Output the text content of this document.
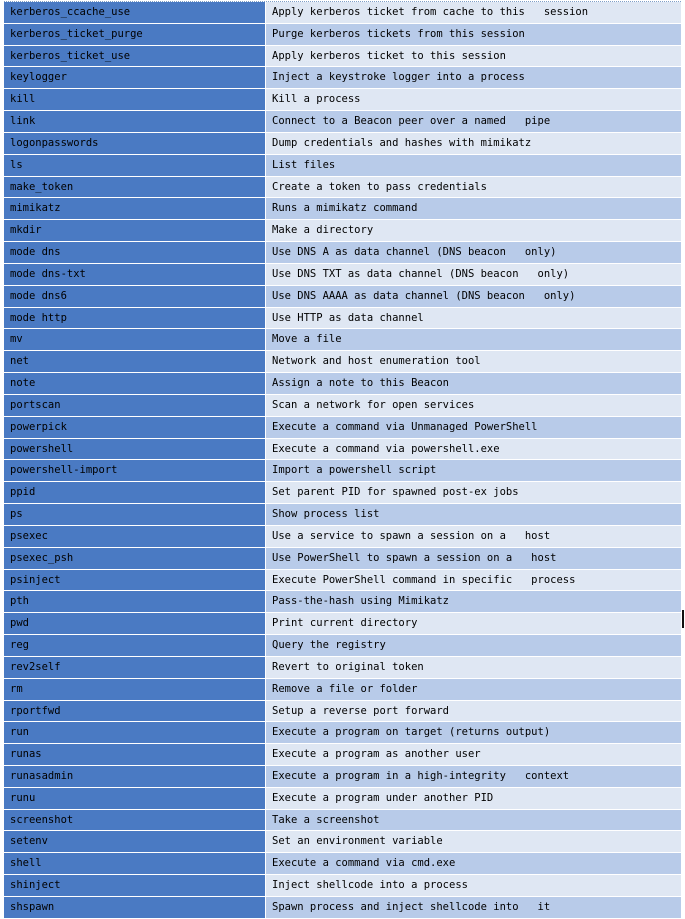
kerberos_ccache_use	Apply kerberos ticket from cache to this   session
kerberos_ticket_purge	Purge kerberos tickets from this session
kerberos_ticket_use	Apply kerberos ticket to this session
keylogger	Inject a keystroke logger into a process
kill	Kill a process
link	Connect to a Beacon peer over a named   pipe
logonpasswords	Dump credentials and hashes with mimikatz
ls	List files
make_token	Create a token to pass credentials
mimikatz	Runs a mimikatz command
mkdir	Make a directory
mode dns	Use DNS A as data channel (DNS beacon   only)
mode dns-txt	Use DNS TXT as data channel (DNS beacon   only)
mode dns6	Use DNS AAAA as data channel (DNS beacon   only)
mode http	Use HTTP as data channel
mv	Move a file
net	Network and host enumeration tool
note	Assign a note to this Beacon
portscan	Scan a network for open services
powerpick	Execute a command via Unmanaged PowerShell
powershell	Execute a command via powershell.exe
powershell-import	Import a powershell script
ppid	Set parent PID for spawned post-ex jobs
ps	Show process list
psexec	Use a service to spawn a session on a   host
psexec_psh	Use PowerShell to spawn a session on a   host
psinject	Execute PowerShell command in specific   process
pth	Pass-the-hash using Mimikatz
pwd	Print current directory
reg	Query the registry
rev2self	Revert to original token
rm	Remove a file or folder
rportfwd	Setup a reverse port forward
run	Execute a program on target (returns output)
runas	Execute a program as another user
runasadmin	Execute a program in a high-integrity   context
runu	Execute a program under another PID
screenshot	Take a screenshot
setenv	Set an environment variable
shell	Execute a command via cmd.exe
shinject	Inject shellcode into a process
shspawn	Spawn process and inject shellcode into   it
